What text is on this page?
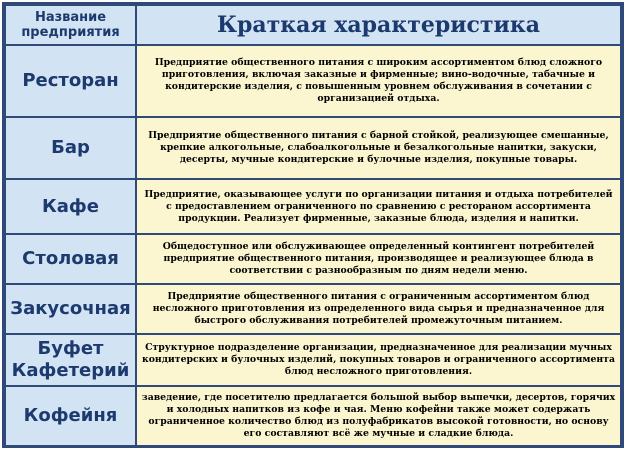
Название предприятия	Краткая характеристика
Ресторан	Предприятие общественного питания с широким ассортиментом блюд сложного приготовления, включая заказные и фирменные; вино-водочные, табачные и кондитерские изделия, с повышенным уровнем обслуживания в сочетании с организацией отдыха.

Бар	Предприятие общественного питания с барной стойкой, реализующее смешанные, крепкие алкогольные, слабоалкогольные и безалкогольные напитки, закуски, десерты, мучные кондитерские и булочные изделия, покупные товары.

Кафе	Предприятие, оказывающее услуги по организации питания и отдыха потребителей с предоставлением ограниченного по сравнению с рестораном ассортимента продукции. Реализует фирменные, заказные блюда, изделия и напитки.

Столовая	Общедоступное или обслуживающее определенный контингент потребителей предприятие общественного питания, производящее и реализующее блюда в соответствии с разнообразным по дням недели меню.

Закусочная	Предприятие общественного питания с ограниченным ассортиментом блюд несложного приготовления из определенного вида сырья и предназначенное для быстрого обслуживания потребителей промежуточным питанием.

Буфет Кафетерий	Структурное подразделение организации, предназначенное для реализации мучных кондитерских и булочных изделий, покупных товаров и ограниченного ассортимента блюд несложного приготовления.

Кофейня	заведение, где посетителю предлагается большой выбор выпечки, десертов, горячих и холодных напитков из кофе и чая. Меню кофейни также может содержать ограниченное количество блюд из полуфабрикатов высокой готовности, но основу его составляют всё же мучные и сладкие блюда.
